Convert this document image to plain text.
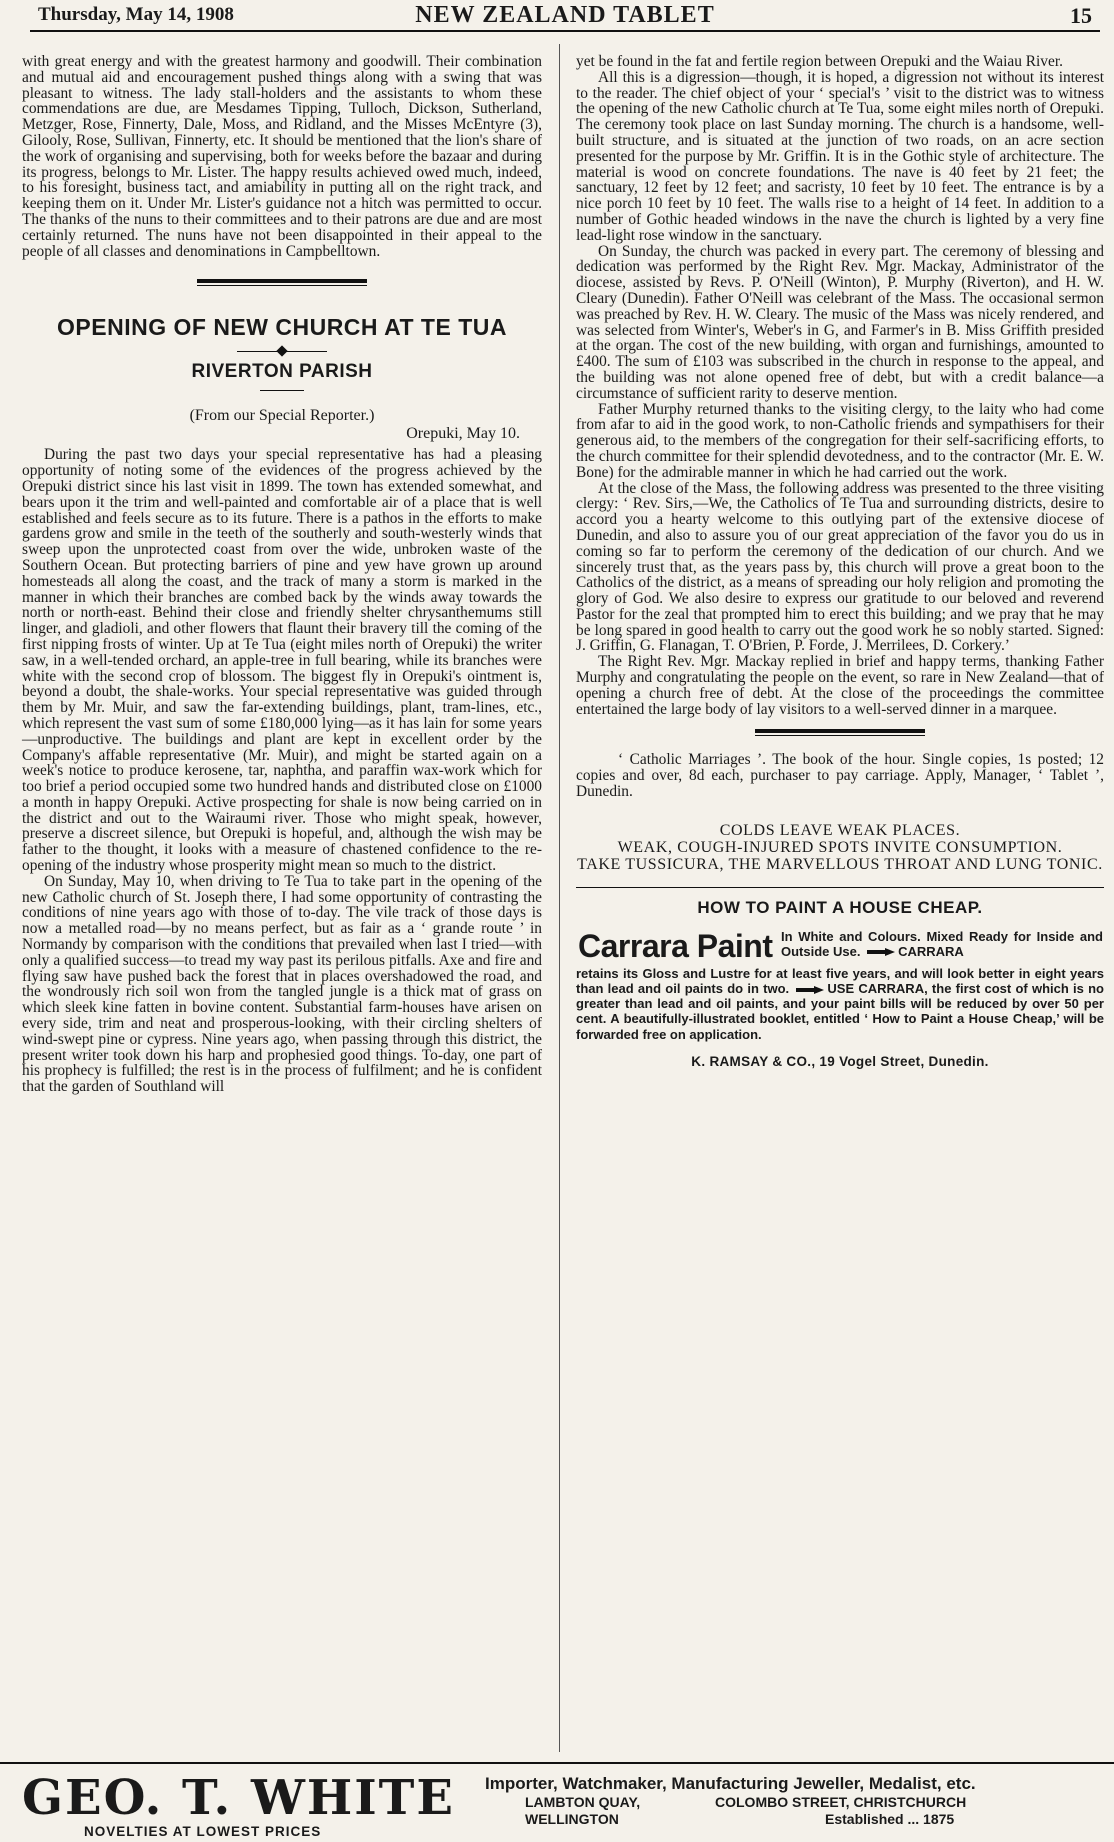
Thursday, May 14, 1908	NEW ZEALAND TABLET	15

with great energy and with the greatest harmony and goodwill. Their combination and mutual aid and encouragement pushed things along with a swing that was pleasant to witness. The lady stall-holders and the assistants to whom these commendations are due, are Mesdames Tipping, Tulloch, Dickson, Sutherland, Metzger, Rose, Finnerty, Dale, Moss, and Ridland, and the Misses McEntyre (3), Gilooly, Rose, Sullivan, Finnerty, etc. It should be mentioned that the lion's share of the work of organising and supervising, both for weeks before the bazaar and during its progress, belongs to Mr. Lister. The happy results achieved owed much, indeed, to his foresight, business tact, and amiability in putting all on the right track, and keeping them on it. Under Mr. Lister's guidance not a hitch was permitted to occur. The thanks of the nuns to their committees and to their patrons are due and are most certainly returned. The nuns have not been disappointed in their appeal to the people of all classes and denominations in Campbelltown.

OPENING OF NEW CHURCH AT TE TUA
RIVERTON PARISH
(From our Special Reporter.)
Orepuki, May 10.

During the past two days your special representative has had a pleasing opportunity of noting some of the evidences of the progress achieved by the Orepuki district since his last visit in 1899. The town has extended somewhat, and bears upon it the trim and well-painted and comfortable air of a place that is well established and feels secure as to its future. There is a pathos in the efforts to make gardens grow and smile in the teeth of the southerly and south-westerly winds that sweep upon the unprotected coast from over the wide, unbroken waste of the Southern Ocean. But protecting barriers of pine and yew have grown up around homesteads all along the coast, and the track of many a storm is marked in the manner in which their branches are combed back by the winds away towards the north or north-east. Behind their close and friendly shelter chrysanthemums still linger, and gladioli, and other flowers that flaunt their bravery till the coming of the first nipping frosts of winter. Up at Te Tua (eight miles north of Orepuki) the writer saw, in a well-tended orchard, an apple-tree in full bearing, while its branches were white with the second crop of blossom. The biggest fly in Orepuki's ointment is, beyond a doubt, the shale-works. Your special representative was guided through them by Mr. Muir, and saw the far-extending buildings, plant, tram-lines, etc., which represent the vast sum of some £180,000 lying—as it has lain for some years—unproductive. The buildings and plant are kept in excellent order by the Company's affable representative (Mr. Muir), and might be started again on a week's notice to produce kerosene, tar, naphtha, and paraffin wax-work which for too brief a period occupied some two hundred hands and distributed close on £1000 a month in happy Orepuki. Active prospecting for shale is now being carried on in the district and out to the Wairaumi river. Those who might speak, however, preserve a discreet silence, but Orepuki is hopeful, and, although the wish may be father to the thought, it looks with a measure of chastened confidence to the re-opening of the industry whose prosperity might mean so much to the district.

On Sunday, May 10, when driving to Te Tua to take part in the opening of the new Catholic church of St. Joseph there, I had some opportunity of contrasting the conditions of nine years ago with those of to-day. The vile track of those days is now a metalled road—by no means perfect, but as fair as a ‘ grande route ’ in Normandy by comparison with the conditions that prevailed when last I tried—with only a qualified success—to tread my way past its perilous pitfalls. Axe and fire and flying saw have pushed back the forest that in places overshadowed the road, and the wondrously rich soil won from the tangled jungle is a thick mat of grass on which sleek kine fatten in bovine content. Substantial farm-houses have arisen on every side, trim and neat and prosperous-looking, with their circling shelters of wind-swept pine or cypress. Nine years ago, when passing through this district, the present writer took down his harp and prophesied good things. To-day, one part of his prophecy is fulfilled; the rest is in the process of fulfilment; and he is confident that the garden of Southland will

yet be found in the fat and fertile region between Orepuki and the Waiau River.

All this is a digression—though, it is hoped, a digression not without its interest to the reader. The chief object of your ‘ special's ’ visit to the district was to witness the opening of the new Catholic church at Te Tua, some eight miles north of Orepuki. The ceremony took place on last Sunday morning. The church is a handsome, well-built structure, and is situated at the junction of two roads, on an acre section presented for the purpose by Mr. Griffin. It is in the Gothic style of architecture. The material is wood on concrete foundations. The nave is 40 feet by 21 feet; the sanctuary, 12 feet by 12 feet; and sacristy, 10 feet by 10 feet. The entrance is by a nice porch 10 feet by 10 feet. The walls rise to a height of 14 feet. In addition to a number of Gothic headed windows in the nave the church is lighted by a very fine lead-light rose window in the sanctuary.

On Sunday, the church was packed in every part. The ceremony of blessing and dedication was performed by the Right Rev. Mgr. Mackay, Administrator of the diocese, assisted by Revs. P. O'Neill (Winton), P. Murphy (Riverton), and H. W. Cleary (Dunedin). Father O'Neill was celebrant of the Mass. The occasional sermon was preached by Rev. H. W. Cleary. The music of the Mass was nicely rendered, and was selected from Winter's, Weber's in G, and Farmer's in B. Miss Griffith presided at the organ. The cost of the new building, with organ and furnishings, amounted to £400. The sum of £103 was subscribed in the church in response to the appeal, and the building was not alone opened free of debt, but with a credit balance—a circumstance of sufficient rarity to deserve mention.

Father Murphy returned thanks to the visiting clergy, to the laity who had come from afar to aid in the good work, to non-Catholic friends and sympathisers for their generous aid, to the members of the congregation for their self-sacrificing efforts, to the church committee for their splendid devotedness, and to the contractor (Mr. E. W. Bone) for the admirable manner in which he had carried out the work.

At the close of the Mass, the following address was presented to the three visiting clergy: ‘ Rev. Sirs,—We, the Catholics of Te Tua and surrounding districts, desire to accord you a hearty welcome to this outlying part of the extensive diocese of Dunedin, and also to assure you of our great appreciation of the favor you do us in coming so far to perform the ceremony of the dedication of our church. And we sincerely trust that, as the years pass by, this church will prove a great boon to the Catholics of the district, as a means of spreading our holy religion and promoting the glory of God. We also desire to express our gratitude to our beloved and reverend Pastor for the zeal that prompted him to erect this building; and we pray that he may be long spared in good health to carry out the good work he so nobly started. Signed: J. Griffin, G. Flanagan, T. O'Brien, P. Forde, J. Merrilees, D. Corkery.’

The Right Rev. Mgr. Mackay replied in brief and happy terms, thanking Father Murphy and congratulating the people on the event, so rare in New Zealand—that of opening a church free of debt. At the close of the proceedings the committee entertained the large body of lay visitors to a well-served dinner in a marquee.

‘ Catholic Marriages ’. The book of the hour. Single copies, 1s posted; 12 copies and over, 8d each, purchaser to pay carriage. Apply, Manager, ‘ Tablet ’, Dunedin.

COLDS LEAVE WEAK PLACES.
WEAK, COUGH-INJURED SPOTS INVITE CONSUMPTION.
TAKE TUSSICURA, THE MARVELLOUS THROAT AND LUNG TONIC.
HOW TO PAINT A HOUSE CHEAP.
Carrara Paint In White and Colours. Mixed Ready for Inside and Outside Use.	CARRARA
retains its Gloss and Lustre for at least five years, and will look better in eight years than lead and oil paints do in two.	USE CARRARA, the first cost of which is no greater than lead and oil paints, and your paint bills will be reduced by over 50 per cent. A beautifully-illustrated booklet, entitled ‘ How to Paint a House Cheap,’ will be forwarded free on application.
K. RAMSAY & CO., 19 Vogel Street, Dunedin.
GEO. T. WHITE
NOVELTIES AT LOWEST PRICES
Importer, Watchmaker, Manufacturing Jeweller, Medalist, etc.
LAMBTON QUAY,
WELLINGTON
COLOMBO STREET, CHRISTCHURCH
Established ... 1875
